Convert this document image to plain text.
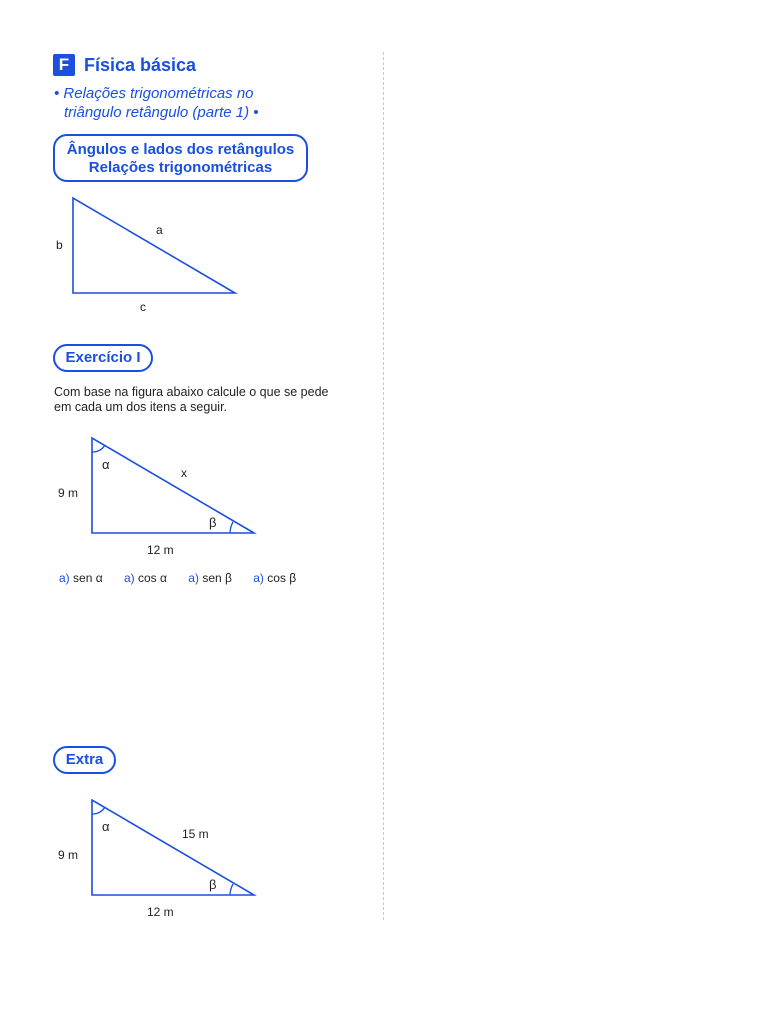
F Física básica
• Relações trigonométricas no
triângulo retângulo (parte 1) •
Ângulos e lados dos retângulos
Relações trigonométricas
a
b
c
Exercício I
Com base na figura abaixo calcule o que se pede
em cada um dos itens a seguir.
α
β
x
9 m
12 m
a) sen α a) cos α a) sen β a) cos β
Extra
α
β
15 m
9 m
12 m
